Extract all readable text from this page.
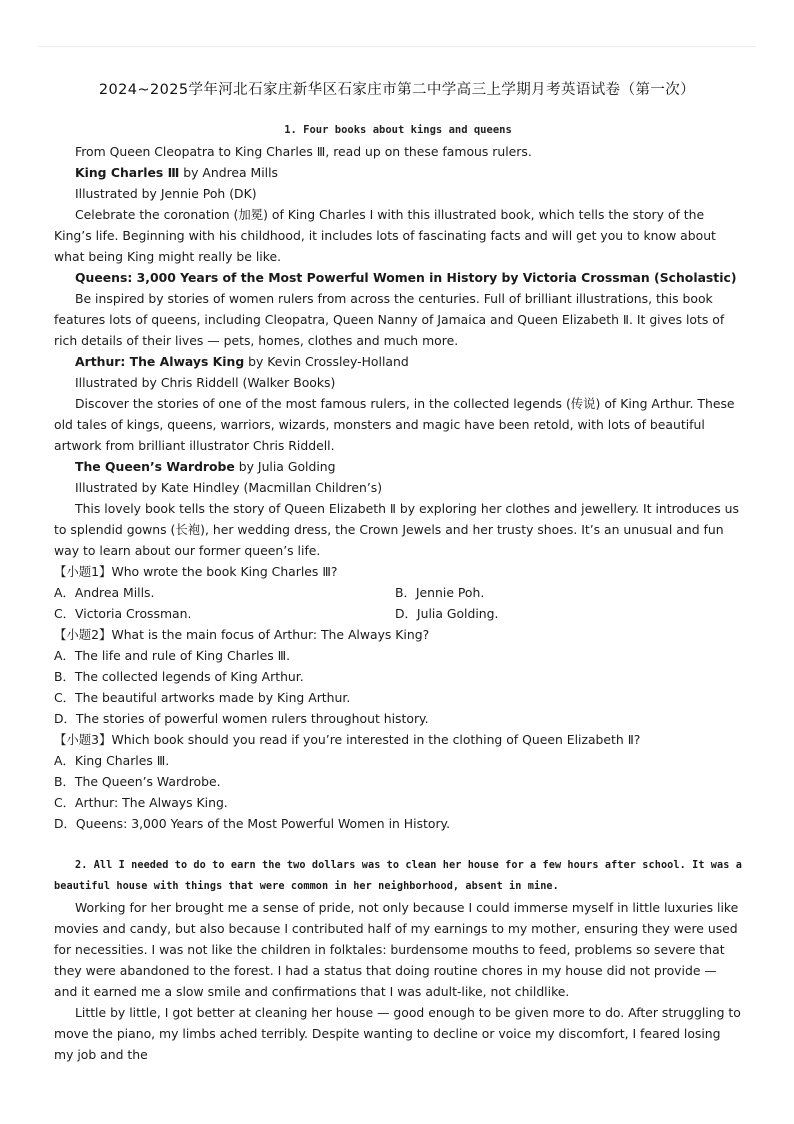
2024~2025学年河北石家庄新华区石家庄市第二中学高三上学期月考英语试卷（第一次）
1. Four books about kings and queens

From Queen Cleopatra to King Charles Ⅲ, read up on these famous rulers.

King Charles Ⅲ by Andrea Mills

Illustrated by Jennie Poh (DK)

Celebrate the coronation (加冕) of King Charles I with this illustrated book, which tells the story of the King’s life. Beginning with his childhood, it includes lots of fascinating facts and will get you to know about what being King might really be like.

Queens: 3,000 Years of the Most Powerful Women in History by Victoria Crossman (Scholastic)

Be inspired by stories of women rulers from across the centuries. Full of brilliant illustrations, this book features lots of queens, including Cleopatra, Queen Nanny of Jamaica and Queen Elizabeth Ⅱ. It gives lots of rich details of their lives — pets, homes, clothes and much more.

Arthur: The Always King by Kevin Crossley-Holland

Illustrated by Chris Riddell (Walker Books)

Discover the stories of one of the most famous rulers, in the collected legends (传说) of King Arthur. These old tales of kings, queens, warriors, wizards, monsters and magic have been retold, with lots of beautiful artwork from brilliant illustrator Chris Riddell.

The Queen’s Wardrobe by Julia Golding

Illustrated by Kate Hindley (Macmillan Children’s)

This lovely book tells the story of Queen Elizabeth Ⅱ by exploring her clothes and jewellery. It introduces us to splendid gowns (长袍), her wedding dress, the Crown Jewels and her trusty shoes. It’s an unusual and fun way to learn about our former queen’s life.

【小题1】Who wrote the book King Charles Ⅲ?

A．Andrea Mills.	B．Jennie Poh.
C．Victoria Crossman.	D．Julia Golding.

【小题2】What is the main focus of Arthur: The Always King?

A．The life and rule of King Charles Ⅲ.

B．The collected legends of King Arthur.

C．The beautiful artworks made by King Arthur.

D．The stories of powerful women rulers throughout history.

【小题3】Which book should you read if you’re interested in the clothing of Queen Elizabeth Ⅱ?

A．King Charles Ⅲ.

B．The Queen’s Wardrobe.

C．Arthur: The Always King.

D．Queens: 3,000 Years of the Most Powerful Women in History.

2. All I needed to do to earn the two dollars was to clean her house for a few hours after school. It was a beautiful house with things that were common in her neighborhood, absent in mine.

Working for her brought me a sense of pride, not only because I could immerse myself in little luxuries like movies and candy, but also because I contributed half of my earnings to my mother, ensuring they were used for necessities. I was not like the children in folktales: burdensome mouths to feed, problems so severe that they were abandoned to the forest. I had a status that doing routine chores in my house did not provide — and it earned me a slow smile and confirmations that I was adult-like, not childlike.

Little by little, I got better at cleaning her house — good enough to be given more to do. After struggling to move the piano, my limbs ached terribly. Despite wanting to decline or voice my discomfort, I feared losing my job and the
